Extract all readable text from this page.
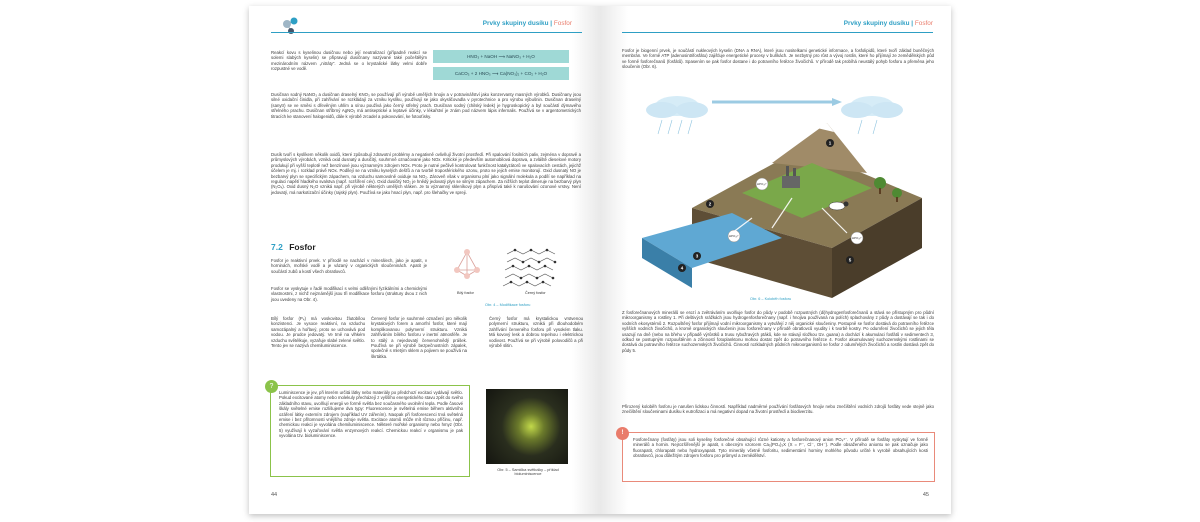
Prvky skupiny dusíku | Fosfor

Reakcí kovu s kyselinou dusičnou nebo její neutralizací (případně reakcí se solemi slabých kyselin) se připravují dusičnany nazývané také počeštělým mezinárodním názvem „nitráty“. Jedná se o krystalické látky velmi dobře rozpustné ve vodě.

HNO₃ + NaOH ⟶ NaNO₃ + H₂O
CaCO₃ + 2 HNO₃ ⟶ Ca(NO₃)₂ + CO₂ + H₂O

Dusičnan sodný NaNO₃ a dusičnan draselný KNO₃ se používají při výrobě umělých hnojiv a v potravinářství jako konzervanty masných výrobků. Dusičnany jsou silné oxidační činidla, při zahřívání se rozkládají za vzniku kyslíku, používají se jako okysličovadla v pyrotechnice a pro výrobu výbušnin. Dusičnan draselný (sanytr) se ve směsi s dřevěným uhlím a sírou používá jako černý střelný prach. Dusičnan sodný (chilský ledek) je hygroskopický a byl součástí dýmavého střelného prachu. Dusičnan stříbrný AgNO₃ má antiseptické a leptavé účinky, v lékařství je znám pod názvem lápis infernalis. Používá se v argentometrických titracích ke stanovení halogenidů, dále k výrobě zrcadel a pokovování, ke fotooťisky.

Dusík tvoří s kyslíkem několik oxidů, které způsobují zdravotní problémy a negativně ovlivňují životní prostředí. Při spalování fosilních paliv, zejména v dopravě a průmyslových výrobách, vzniká oxid dusnatý a dusičitý, souhrnně označované jako NOx. Kritické je především automobilová doprava, a zvláště dieselové motory produkují při vyšší teplotě než benzínové jsou významným zdrojem NOx. Proto je nutné pečlivě kontrolovat funkčnost katalyzátorů ve spalovacích cestách, jejichž účelem je mj. i rozklad právě NOx. Podílejí se na vzniku kyselých dešťů a na tvorbě troposférického ozonu, proto se jejich emise monitorují. Oxid dusnatý NO je bezbarvý plyn se specifickým zápachem, na vzduchu samovolně oxiduje na NO₂. Zároveň však v organismu plní jako signální molekula a podílí se například na regulaci napětí hladkého svalstva (např. rozšíření cév). Oxid dusičitý NO₂ je hnědý jedovatý plyn se silným zápachem. Za nižších teplot dimeruje na bezbarvý plyn (N₂O₄). Oxid dusný N₂O vzniká např. při výrobě některých umělých vláken. Je to významný skleníkový plyn a přispívá také k narušování ozonové vrstvy. Není jedovatý, má narkotizační účinky (rajský plyn). Používá se jako hnací plyn, např. pro šlehačky ve spreji.

7.2 Fosfor

Fosfor je reaktivní prvek. V přírodě se nachází v minerálech, jako je apatit, v horninách, mořské vodě a je vázaný v organických sloučeninách. Apatit je součástí zubů a kostí všech obratlovců.

Fosfor se vyskytuje v řadě modifikací s velmi odlišnými fyzikálními a chemickými vlastnostmi, z nichž nejznámější jsou tři modifikace fosforu (struktury dvou z nich jsou uvedeny na Obr. 4).

Bílý fosfor	Černý fosfor
Obr. 4 – Modifikace fosforu

Bílý fosfor (P₄) má voskovitou žlutobílou konzistenci. Je vysoce reaktivní, na vzduchu samozápalný a hořlavý, proto se uchovává pod vodou. Je prudce jedovatý. Ve tmě na vlhkém vzduchu světélkuje, vyzařuje slabé zelené světlo. Tento jev se nazývá chemiluminiscence.

Červený fosfor je souhrnné označení pro několik krystalových forem a amorfní fosfor, které mají komplikovanou polymerní strukturu. Vzniká zahříváním bílého fosforu v inertní atmosféře. Je to stálý a nejedovatý červenohnědý prášek. Používá se při výrobě bezpečnostních zápalek, společně s mletým sklem a pojivem se používá na škrtátka.

Černý fosfor má krystalickou vrstvenou polymerní strukturu, vzniká při dlouhodobém zahřívání červeného fosforu při vysokém tlaku. Má kovový lesk a dobrou tepelnou i elektrickou vodivost. Používá se při výrobě polovodičů a při výrobě slitin.

?

Luminiscence je jev, při kterém určitá látky nebo materiály po předchozí excitaci vydávají světlo. Pokud excitované atomy nebo molekuly přecházejí z vyššího energetického stavu zpět do svého základního stavu, uvolňují energii ve formě světla bez současného uvolnění tepla. Podle časové škály světelné emise rozlišujeme dva typy: Fluorescence je světelná emise během aktivního ozáření látky externím zdrojem (například UV zářením). Naopak při fosforescenci trvá světelná emise i bez přítomnosti vnějšího zdroje světla. Excitace atomů může mít různou příčinu, např. chemickou reakci je vyvolána chemiluminiscence. Některé mořské organismy nebo hmyz (Obr. 5) využívají k vyzařování světla enzymových reakcí. Chemickou reakcí v organismu je pak vyvolána tzv. bioluminiscence.

Obr. 5 – Samička světlušky – příklad bioluminiscence
44
Prvky skupiny dusíku | Fosfor

Fosfor je biogenní prvek, je součástí nukleových kyselin (DNA a RNA), které jsou nositelkami genetické informace, a fosfolipidů, které tvoří základ buněčných membrán. Ve formě ATP (adenosintrifosfátu) zajišťuje energetické procesy v buňkách. Je nezbytný pro růst a vývoj rostlin, které ho přijímají ze zemědělských půd ve formě fosforečnanů (fosfátů). Spasením se pak fosfor dostane i do potravního řetězce živočichů. V přírodě tak probíhá neustálý pohyb fosforu a přeměna jeho sloučenin (Obr. 6).

HPO₄²⁻
HPO₄²⁻	HPO₄²⁻
1
2
3
4
5
Obr. 6 – Koloběh fosforu

Z fosforečnanových minerálů se erozí a zvětráváním uvolňuje fosfor do půdy v podobě rozpustných (di)hydrogenfosforečnanů a stává se přístupným pro půdní mikroorganismy a rostliny 1. Při deštivých srážkách jsou hydrogenfosforečnany (např. i hnojiva používaná na polích) splachovány z půdy a dostávají se tak i do vodních ekosystémů 2. Rozpuštěný fosfor přijímají vodní mikroorganismy a vytvářejí z něj organické sloučeniny. Postupně se fosfor dostává do potravního řetězce vyšších vodních živočichů, a kromě organických sloučenin jsou fosforečnany v přírodě obratlovců vyudity i k tvorbě kostry. Po odumření živočichů se jejich těla usazují na dně (nebo na břehu v případě výrůstků a trusu rybožravých ptáků, kde se stávají složkou tzv. guana) a dochází k akumulaci fosfátů v sedimentech 3, odkud se postupným rozpouštěním a zčinností fotoplanktonu mohou dostat zpět do potravního řetězce 4. Fosfor akumulovaný suchozemskými rostlinami se dostává do potravního řetězce suchozemských živočichů. Činností rozkladných půdních mikroorganismů se fosfor z odumřelých živočichů a rostlin dostává zpět do půdy 5.

Přirozený koloběh fosforu je narušen lidskou činností. Například nadměrné používání fosfátových hnojiv nebo znečištění vodních zdrojů fosfáty vede stejně jako znečištění sloučeninami dusíku k eutrofizaci a má negativní dopad na životní prostředí a biodiverzitu.

!

Fosforečnany (fosfáty) jsou soli kyseliny fosforečné obsahující různé kationty a fosforečnanový anion PO₄³⁻. V přírodě se fosfáty vyskytují ve formě minerálů a hornin. Nejrozšířenější je apatit, s obecným vzorcem Ca₅(PO₄)₃X (X = F⁻, Cl⁻, OH⁻). Podle obsaženého aniontu se pak označuje jako fluorapatit, chlorapatit nebo hydroxyapatit. Tyto minerály včetně fosforitu, sedimentární horniny mohlého původu určité k vyrobě obsahujících kosti obratlovců, jsou důležitým zdrojem fosforu pro průmysl a zemědělství.

45
